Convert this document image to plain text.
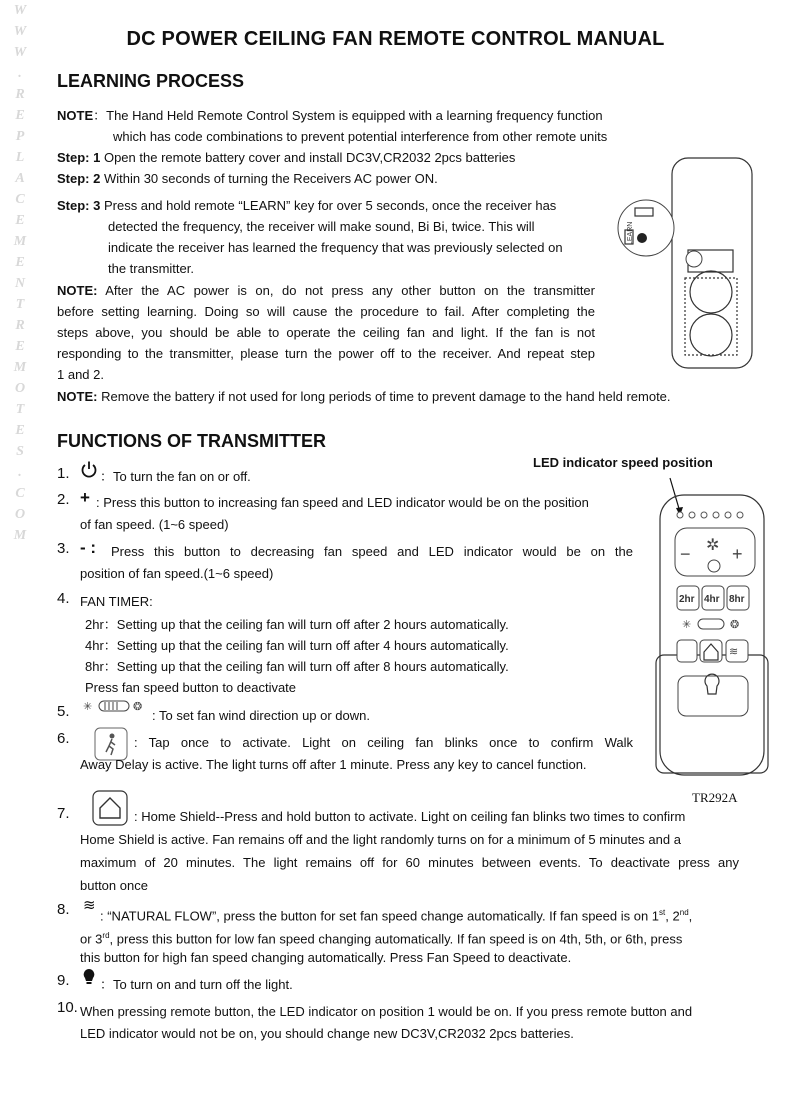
W
W
W
.
R
E
P
L
A
C
E
M
E
N
T
R
E
M
O
T
E
S
.
C
O
M
DC POWER CEILING FAN REMOTE CONTROL MANUAL
LEARNING PROCESS
NOTE：The Hand Held Remote Control System is equipped with a learning frequency function
which has code combinations to prevent potential interference from other remote units
Step: 1 Open the remote battery cover and install DC3V,CR2032 2pcs batteries
Step: 2 Within 30 seconds of turning the Receivers AC power ON.
Step: 3 Press and hold remote “LEARN” key for over 5 seconds, once the receiver has
detected the frequency, the receiver will make sound, Bi Bi, twice. This will
indicate the receiver has learned the frequency that was previously selected on
the transmitter.
NOTE: After the AC power is on, do not press any other button on the transmitter
before setting learning. Doing so will cause the procedure to fail. After completing the
steps above, you should be able to operate the ceiling fan and light. If the fan is not
responding to the transmitter, please turn the power off to the receiver. And repeat step
1 and 2.
NOTE: Remove the battery if not used for long periods of time to prevent damage to the hand held remote.
LEARN
FUNCTIONS OF TRANSMITTER
LED indicator speed position
− +
✲
2hr 4hr 8hr
✳	❂
≋
TR292A
1. ：To turn the fan on or off.
2. + : Press this button to increasing fan speed and LED indicator would be on the position
of fan speed. (1~6 speed)
3. - : Press this button to decreasing fan speed and LED indicator would be on the
position of fan speed.(1~6 speed)
4. FAN TIMER:
2hr：Setting up that the ceiling fan will turn off after 2 hours automatically.
4hr：Setting up that the ceiling fan will turn off after 4 hours automatically.
8hr：Setting up that the ceiling fan will turn off after 8 hours automatically.
Press fan speed button to deactivate
5. ✳	❂
: To set fan wind direction up or down.
6.	: Tap once to activate. Light on ceiling fan blinks once to confirm Walk
Away Delay is active. The light turns off after 1 minute. Press any key to cancel function.
7.	: Home Shield--Press and hold button to activate. Light on ceiling fan blinks two times to confirm
Home Shield is active. Fan remains off and the light randomly turns on for a minimum of 5 minutes and a
maximum of 20 minutes. The light remains off for 60 minutes between events. To deactivate press any
button once
8. ≋
: “NATURAL FLOW”, press the button for set fan speed change automatically. If fan speed is on 1st, 2nd,
or 3rd, press this button for low fan speed changing automatically. If fan speed is on 4th, 5th, or 6th, press
this button for high fan speed changing automatically. Press Fan Speed to deactivate.
9. ：To turn on and turn off the light.
10. When pressing remote button, the LED indicator on position 1 would be on. If you press remote button and
LED indicator would not be on, you should change new DC3V,CR2032 2pcs batteries.
